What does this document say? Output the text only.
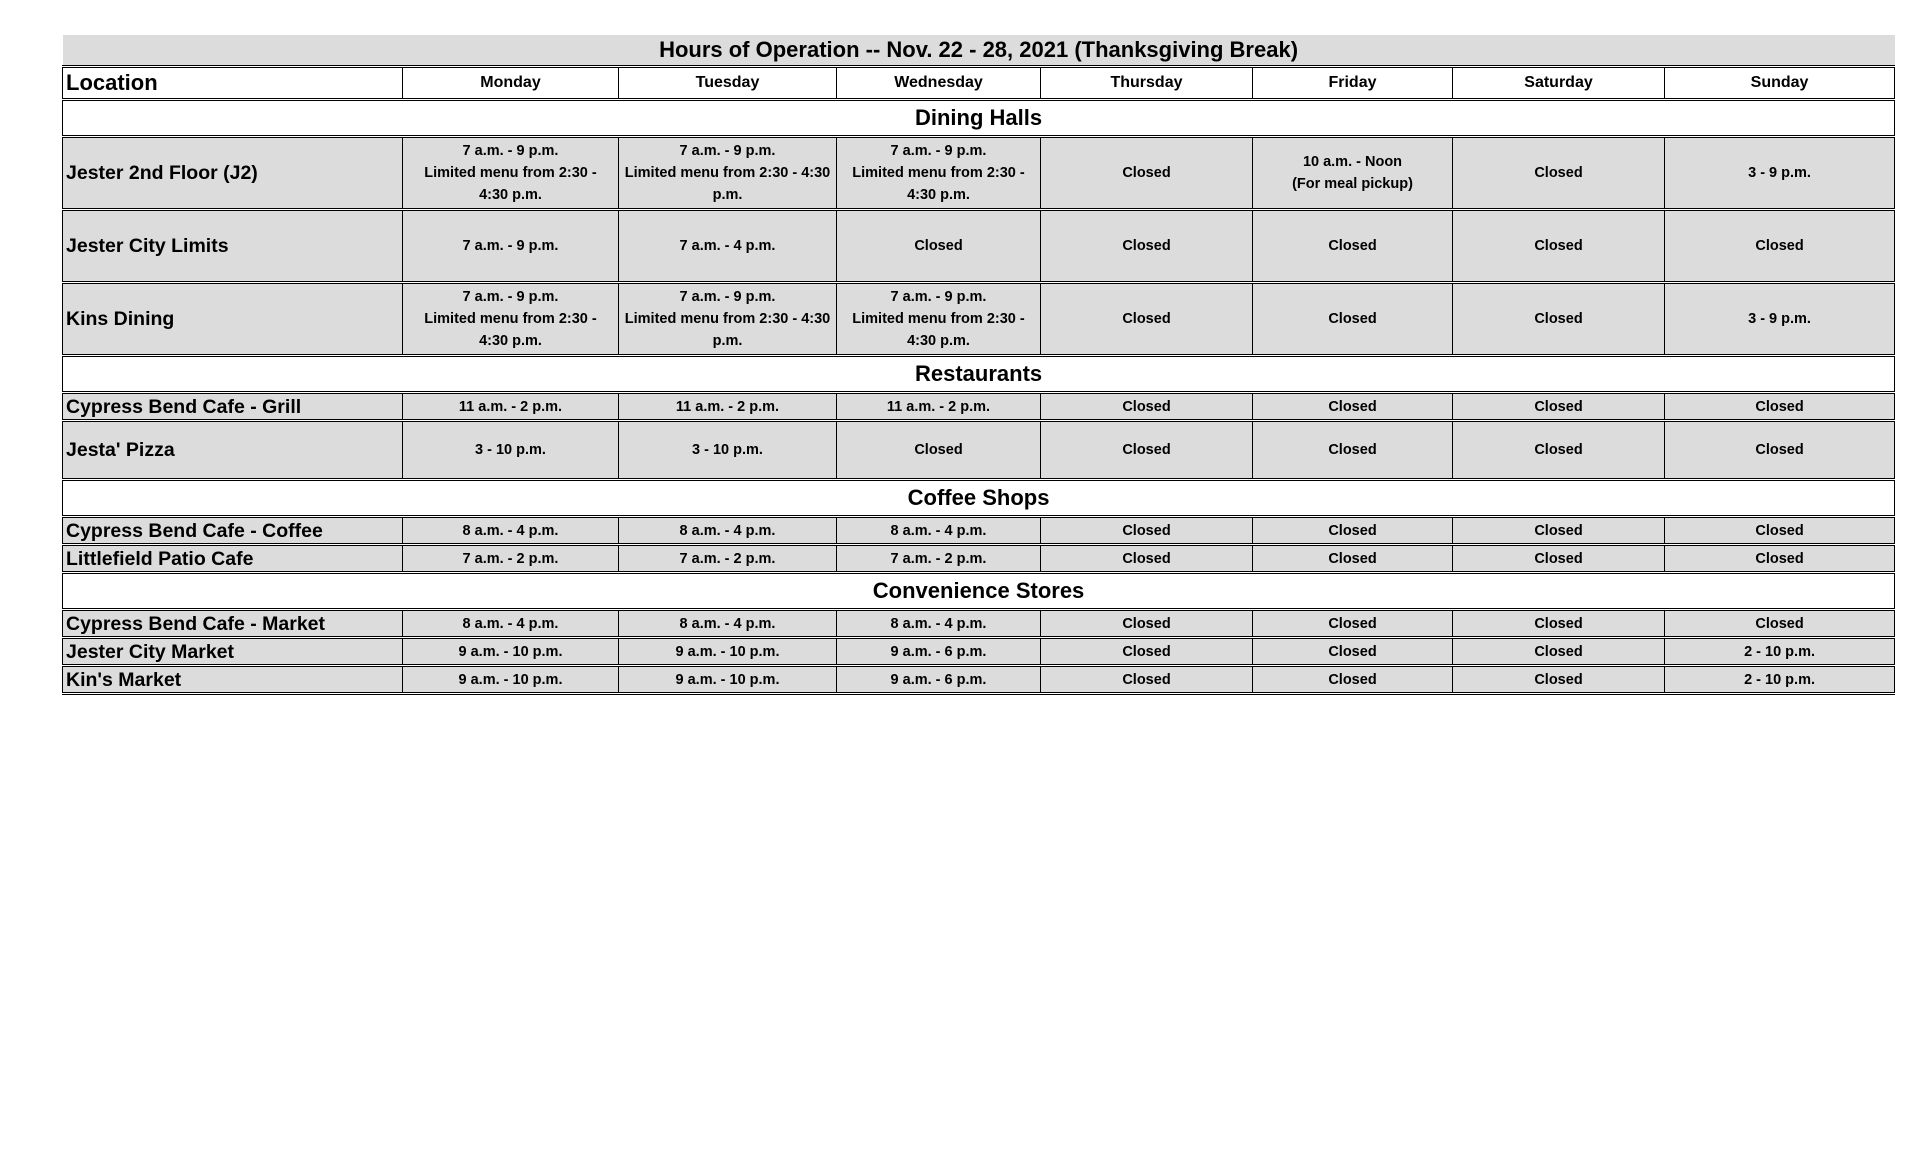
Hours of Operation -- Nov. 22 - 28, 2021 (Thanksgiving Break)							
Location	Monday	Tuesday	Wednesday	Thursday	Friday	Saturday	Sunday
Dining Halls							
Jester 2nd Floor (J2)	7 a.m. - 9 p.m.
Limited menu from 2:30 -
4:30 p.m.	7 a.m. - 9 p.m.
Limited menu from 2:30 - 4:30
p.m.	7 a.m. - 9 p.m.
Limited menu from 2:30 -
4:30 p.m.	Closed	10 a.m. - Noon
(For meal pickup)	Closed	3 - 9 p.m.
Jester City Limits	7 a.m. - 9 p.m.	7 a.m. - 4 p.m.	Closed	Closed	Closed	Closed	Closed
Kins Dining	7 a.m. - 9 p.m.
Limited menu from 2:30 -
4:30 p.m.	7 a.m. - 9 p.m.
Limited menu from 2:30 - 4:30
p.m.	7 a.m. - 9 p.m.
Limited menu from 2:30 -
4:30 p.m.	Closed	Closed	Closed	3 - 9 p.m.
Restaurants							
Cypress Bend Cafe - Grill	11 a.m. - 2 p.m.	11 a.m. - 2 p.m.	11 a.m. - 2 p.m.	Closed	Closed	Closed	Closed
Jesta' Pizza	3 - 10 p.m.	3 - 10 p.m.	Closed	Closed	Closed	Closed	Closed
Coffee Shops							
Cypress Bend Cafe - Coffee	8 a.m. - 4 p.m.	8 a.m. - 4 p.m.	8 a.m. - 4 p.m.	Closed	Closed	Closed	Closed
Littlefield Patio Cafe	7 a.m. - 2 p.m.	7 a.m. - 2 p.m.	7 a.m. - 2 p.m.	Closed	Closed	Closed	Closed
Convenience Stores							
Cypress Bend Cafe - Market	8 a.m. - 4 p.m.	8 a.m. - 4 p.m.	8 a.m. - 4 p.m.	Closed	Closed	Closed	Closed
Jester City Market	9 a.m. - 10 p.m.	9 a.m. - 10 p.m.	9 a.m. - 6 p.m.	Closed	Closed	Closed	2 - 10 p.m.
Kin's Market	9 a.m. - 10 p.m.	9 a.m. - 10 p.m.	9 a.m. - 6 p.m.	Closed	Closed	Closed	2 - 10 p.m.
